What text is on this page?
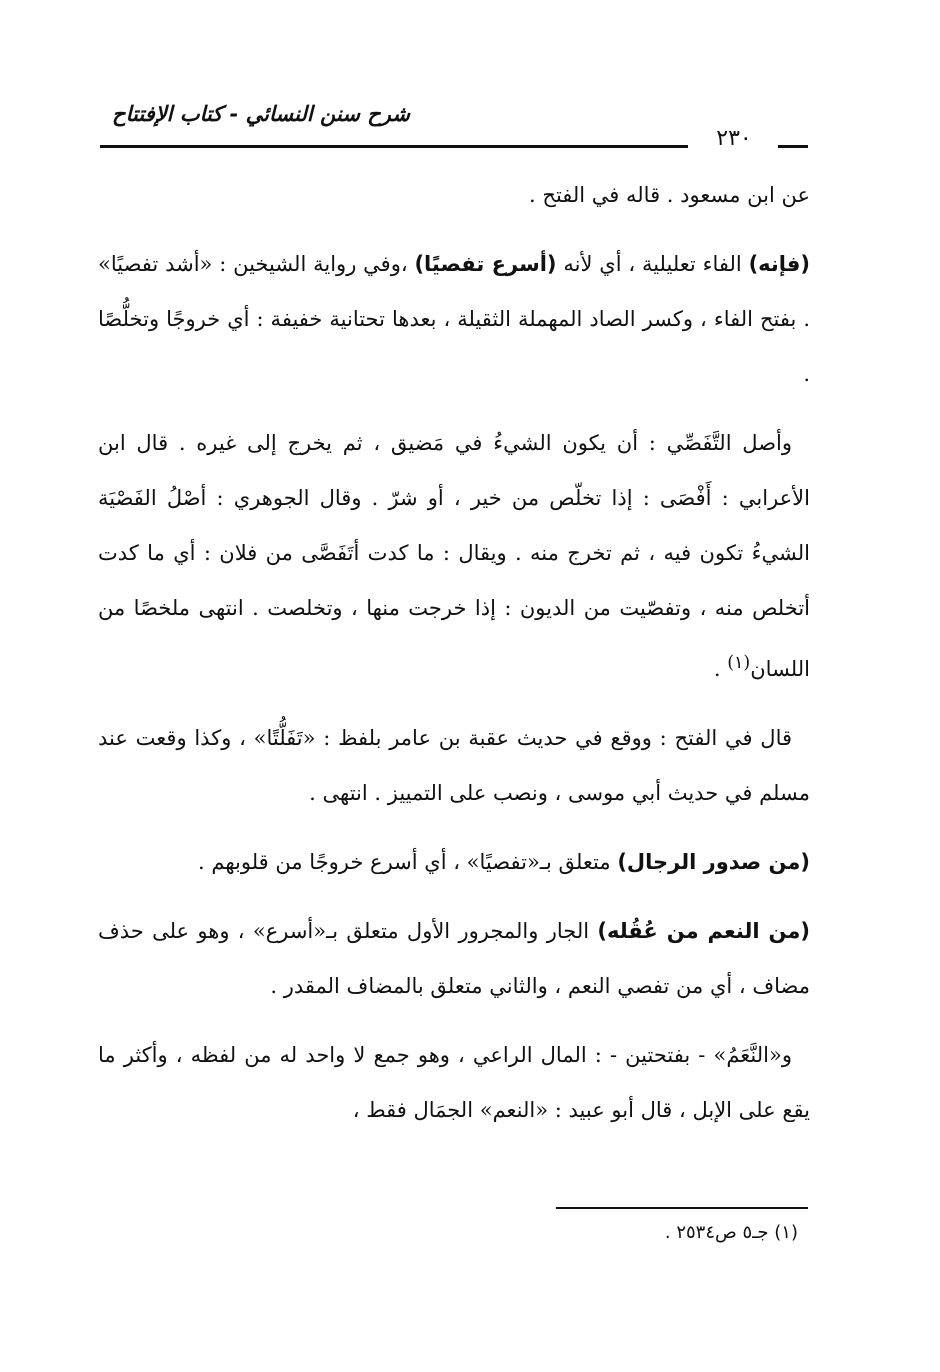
شرح سنن النسائي - كتاب الإفتتاح
٢٣٠

عن ابن مسعود . قاله في الفتح .

(فإنه) الفاء تعليلية ، أي لأنه (أسرع تفصيًا) ،وفي رواية الشيخين : «أشد تفصيًا» . بفتح الفاء ، وكسر الصاد المهملة الثقيلة ، بعدها تحتانية خفيفة : أي خروجًا وتخلُّصًا .

وأصل التَّفَصِّي : أن يكون الشيءُ في مَضيق ، ثم يخرج إلى غيره . قال ابن الأعرابي : أَفْصَى : إذا تخلّص من خير ، أو شرّ . وقال الجوهري : أصْلُ الفَصْيَة الشيءُ تكون فيه ، ثم تخرج منه . ويقال : ما كدت أتَفَصَّى من فلان : أي ما كدت أتخلص منه ، وتفصّيت من الديون : إذا خرجت منها ، وتخلصت . انتهى ملخصًا من اللسان$^{(١)}$ .

قال في الفتح : ووقع في حديث عقبة بن عامر بلفظ : «تَفَلُّتًا» ، وكذا وقعت عند مسلم في حديث أبي موسى ، ونصب على التمييز . انتهى .

(من صدور الرجال) متعلق بـ«تفصيًا» ، أي أسرع خروجًا من قلوبهم .

(من النعم من عُقُله) الجار والمجرور الأول متعلق بـ«أسرع» ، وهو على حذف مضاف ، أي من تفصي النعم ، والثاني متعلق بالمضاف المقدر .

و«النَّعَمُ» - بفتحتين - : المال الراعي ، وهو جمع لا واحد له من لفظه ، وأكثر ما يقع على الإبل ، قال أبو عبيد : «النعم» الجمَال فقط ،

(١) جـ٥ ص٢٥٣٤ .
